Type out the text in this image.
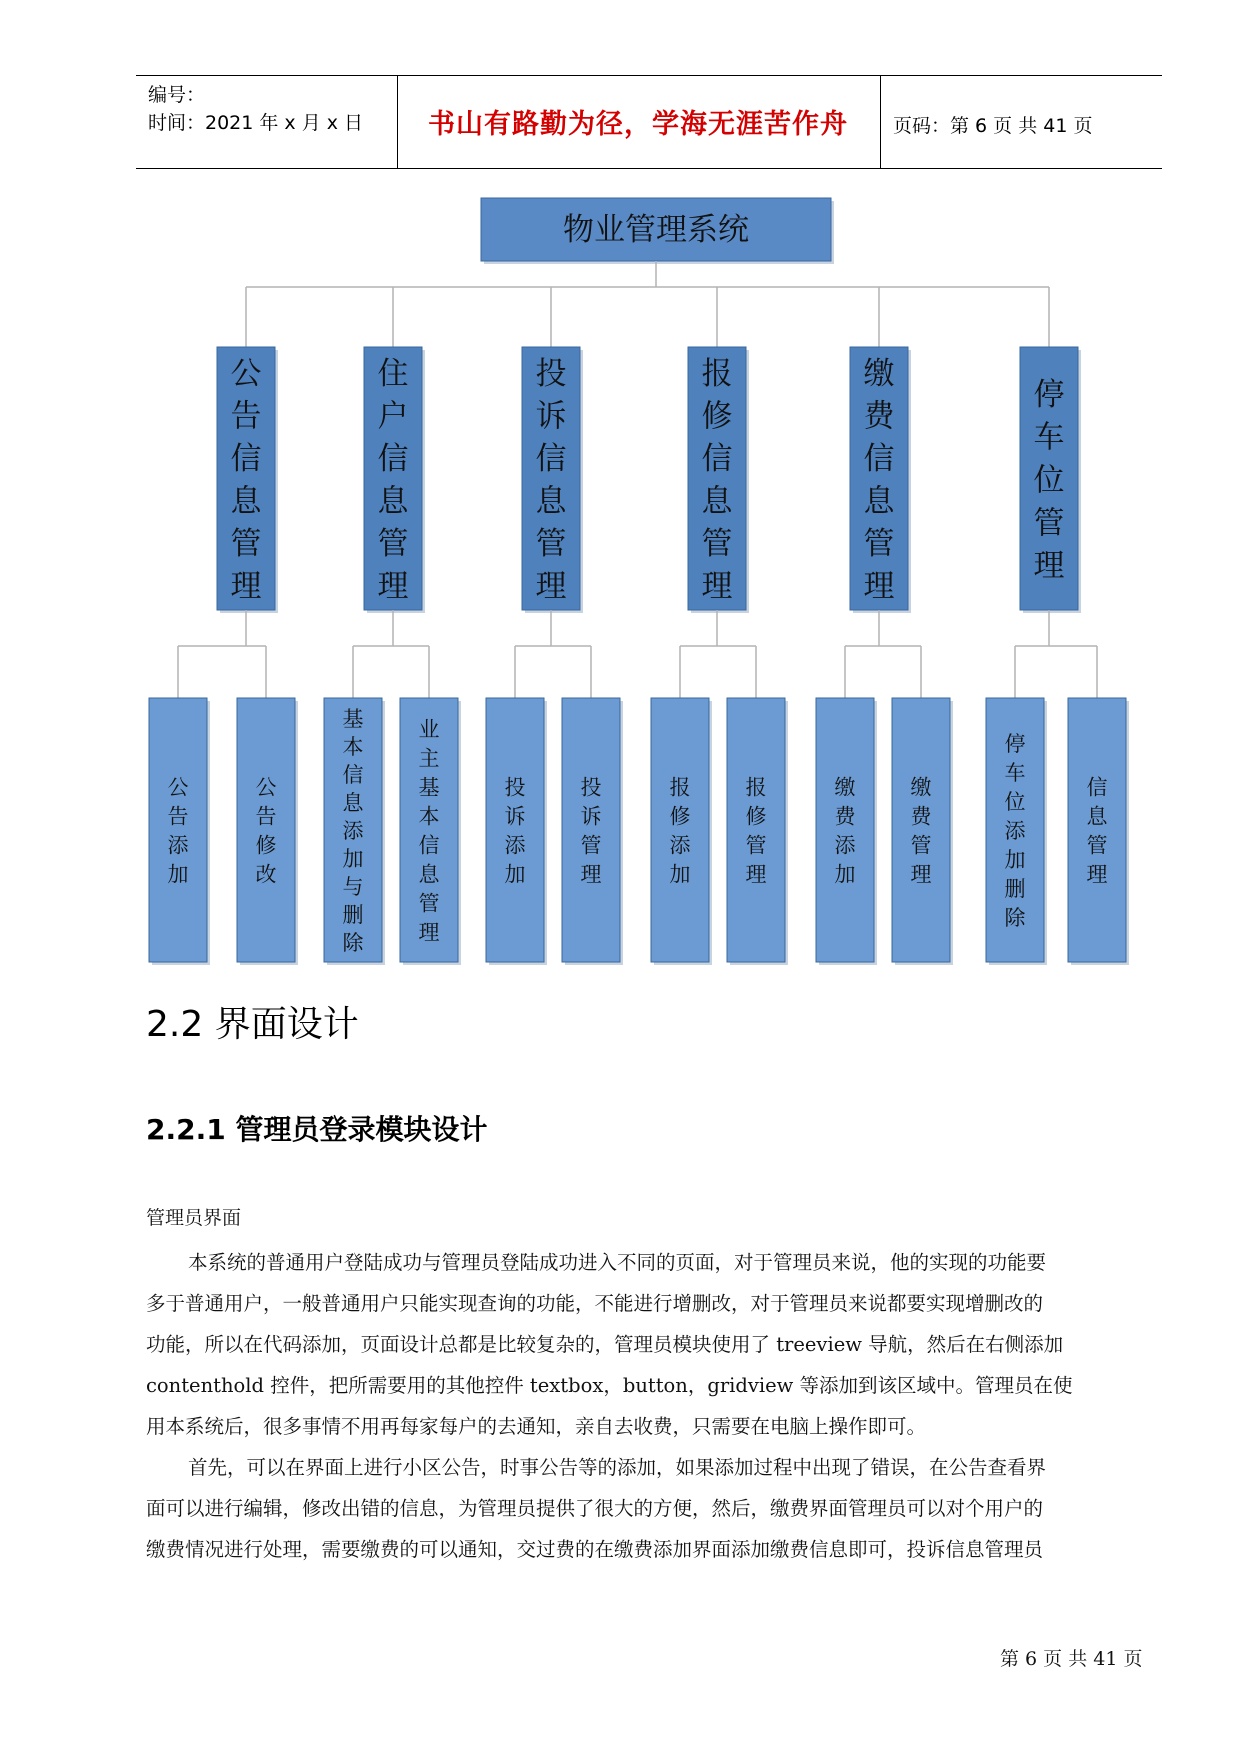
编号：
时间：2021 年 x 月 x 日	书山有路勤为径，学海无涯苦作舟	页码：第 6 页 共 41 页
物业管理系统
公
告
信
息
管
理
公
告
添
加
公
告
修
改
住
户
信
息
管
理
基
本
信
息
添
加
与
删
除
业
主
基
本
信
息
管
理
投
诉
信
息
管
理
投
诉
添
加
投
诉
管
理
报
修
信
息
管
理
报
修
添
加
报
修
管
理
缴
费
信
息
管
理
缴
费
添
加
缴
费
管
理
停
车
位
管
理
停
车
位
添
加
删
除
信
息
管
理
2.2 界面设计
2.2.1 管理员登录模块设计
管理员界面
本系统的普通用户登陆成功与管理员登陆成功进入不同的页面，对于管理员来说，他的实现的功能要
多于普通用户，一般普通用户只能实现查询的功能，不能进行增删改，对于管理员来说都要实现增删改的
功能，所以在代码添加，页面设计总都是比较复杂的，管理员模块使用了 treeview 导航，然后在右侧添加
contenthold 控件，把所需要用的其他控件 textbox，button，gridview 等添加到该区域中。管理员在使
用本系统后，很多事情不用再每家每户的去通知，亲自去收费，只需要在电脑上操作即可。
首先，可以在界面上进行小区公告，时事公告等的添加，如果添加过程中出现了错误，在公告查看界
面可以进行编辑，修改出错的信息，为管理员提供了很大的方便，然后，缴费界面管理员可以对个用户的
缴费情况进行处理，需要缴费的可以通知，交过费的在缴费添加界面添加缴费信息即可，投诉信息管理员
第 6 页 共 41 页
